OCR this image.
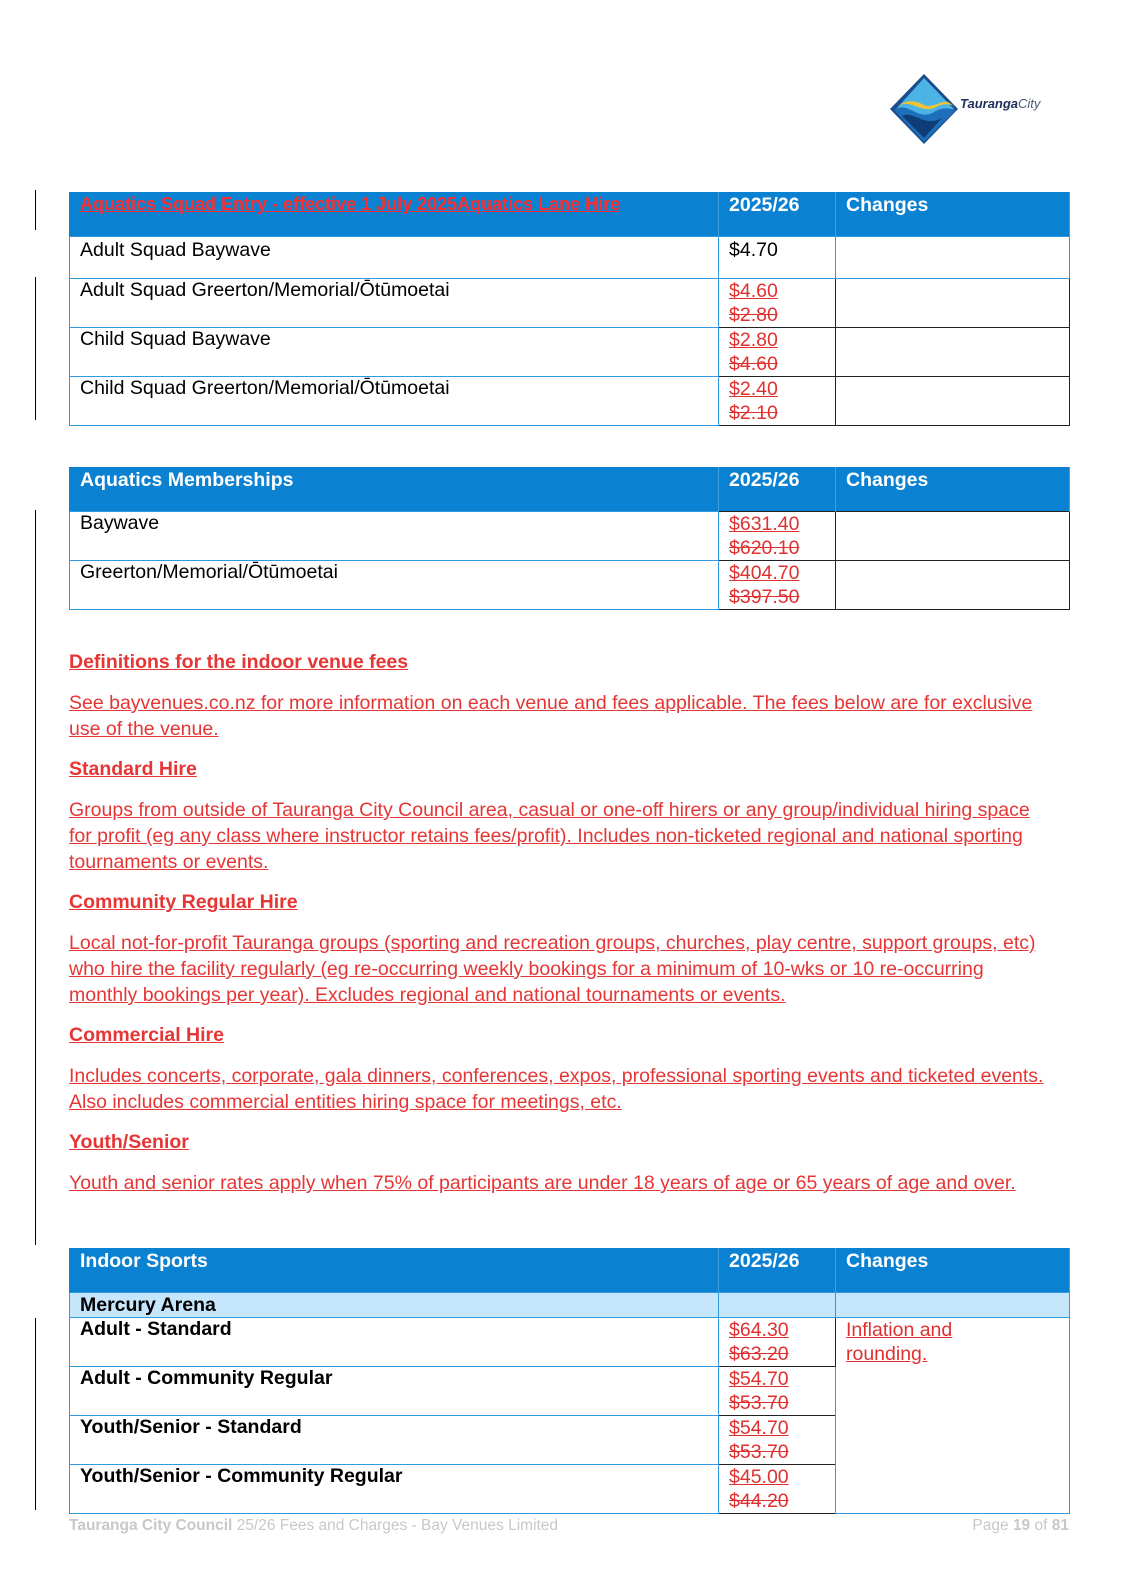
TaurangaCity
Aquatics Squad Entry - effective 1 July 2025Aquatics Lane Hire	2025/26	Changes
Adult Squad Baywave	$4.70	
Adult Squad Greerton/Memorial/Ōtūmoetai	$4.60
$2.80	

Child Squad Baywave	$2.80
$4.60	

Child Squad Greerton/Memorial/Ōtūmoetai	$2.40
$2.10	

Aquatics Memberships	2025/26	Changes
Baywave	$631.40
$620.10	

Greerton/Memorial/Ōtūmoetai	$404.70
$397.50	

Definitions for the indoor venue fees

See bayvenues.co.nz for more information on each venue and fees applicable. The fees below are for exclusive use of the venue.

Standard Hire

Groups from outside of Tauranga City Council area, casual or one-off hirers or any group/individual hiring space for profit (eg any class where instructor retains fees/profit). Includes non-ticketed regional and national sporting tournaments or events.

Community Regular Hire

Local not-for-profit Tauranga groups (sporting and recreation groups, churches, play centre, support groups, etc) who hire the facility regularly (eg re-occurring weekly bookings for a minimum of 10-wks or 10 re-occurring monthly bookings per year). Excludes regional and national tournaments or events.

Commercial Hire

Includes concerts, corporate, gala dinners, conferences, expos, professional sporting events and ticketed events. Also includes commercial entities hiring space for meetings, etc.

Youth/Senior

Youth and senior rates apply when 75% of participants are under 18 years of age or 65 years of age and over.

Indoor Sports	2025/26	Changes
Mercury Arena		
Adult - Standard	$64.30
$63.20	Inflation and rounding.

Adult - Community Regular	$54.70
$53.70	

Youth/Senior - Standard	$54.70
$53.70	

Youth/Senior - Community Regular	$45.00
$44.20	
Tauranga City Council 25/26 Fees and Charges - Bay Venues Limited	Page 19 of 81
